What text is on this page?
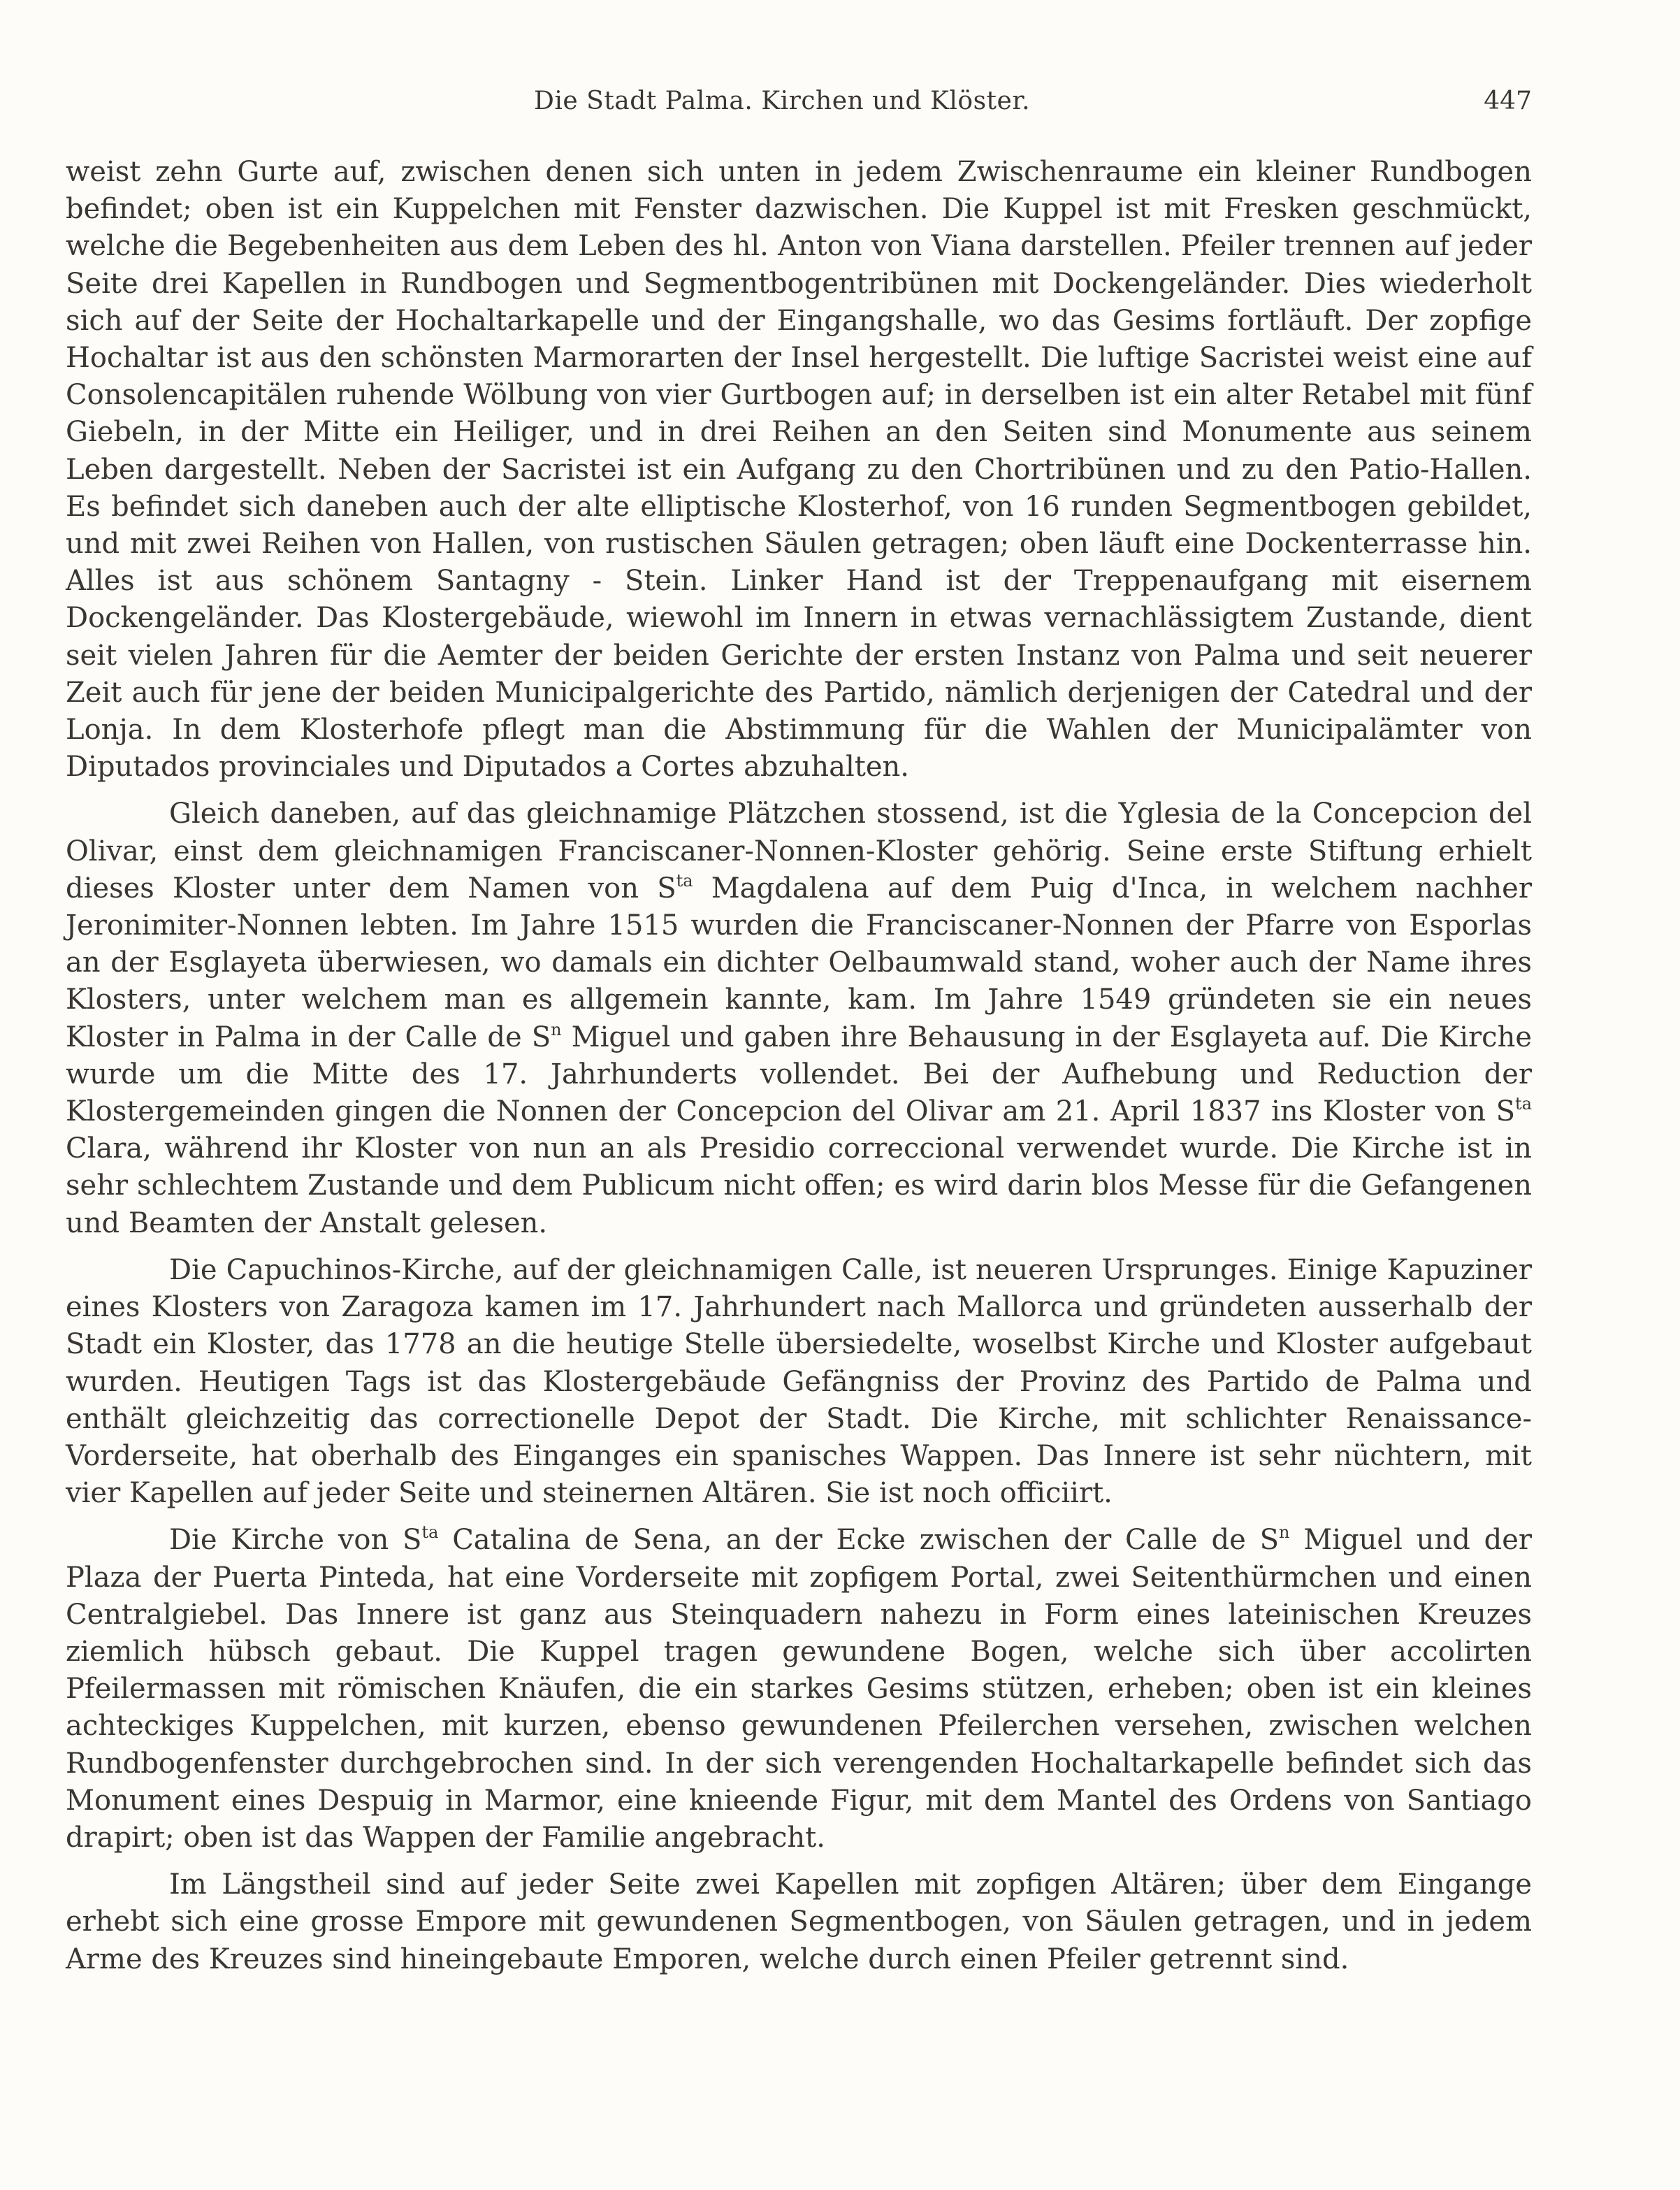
Die Stadt Palma. Kirchen und Klöster.	447

weist zehn Gurte auf, zwischen denen sich unten in jedem Zwischenraume ein kleiner Rundbogen befindet; oben ist ein Kuppelchen mit Fenster dazwischen. Die Kuppel ist mit Fresken geschmückt, welche die Begebenheiten aus dem Leben des hl. Anton von Viana darstellen. Pfeiler trennen auf jeder Seite drei Kapellen in Rundbogen und Segmentbogentribünen mit Dockengeländer. Dies wiederholt sich auf der Seite der Hochaltarkapelle und der Eingangshalle, wo das Gesims fortläuft. Der zopfige Hochaltar ist aus den schönsten Marmorarten der Insel hergestellt. Die luftige Sacristei weist eine auf Consolencapitälen ruhende Wölbung von vier Gurtbogen auf; in derselben ist ein alter Retabel mit fünf Giebeln, in der Mitte ein Heiliger, und in drei Reihen an den Seiten sind Monumente aus seinem Leben dargestellt. Neben der Sacristei ist ein Aufgang zu den Chortribünen und zu den Patio-Hallen. Es befindet sich daneben auch der alte elliptische Klosterhof, von 16 runden Segmentbogen gebildet, und mit zwei Reihen von Hallen, von rustischen Säulen getragen; oben läuft eine Dockenterrasse hin. Alles ist aus schönem Santagny - Stein. Linker Hand ist der Treppenaufgang mit eisernem Dockengeländer. Das Klostergebäude, wiewohl im Innern in etwas vernachlässigtem Zustande, dient seit vielen Jahren für die Aemter der beiden Gerichte der ersten Instanz von Palma und seit neuerer Zeit auch für jene der beiden Municipalgerichte des Partido, nämlich derjenigen der Catedral und der Lonja. In dem Klosterhofe pflegt man die Abstimmung für die Wahlen der Municipalämter von Diputados provinciales und Diputados a Cortes abzuhalten.

Gleich daneben, auf das gleichnamige Plätzchen stossend, ist die Yglesia de la Concepcion del Olivar, einst dem gleichnamigen Franciscaner-Nonnen-Kloster gehörig. Seine erste Stiftung erhielt dieses Kloster unter dem Namen von $S^{ta}$ Magdalena auf dem Puig d'Inca, in welchem nachher Jeronimiter-Nonnen lebten. Im Jahre 1515 wurden die Franciscaner-Nonnen der Pfarre von Esporlas an der Esglayeta überwiesen, wo damals ein dichter Oelbaumwald stand, woher auch der Name ihres Klosters, unter welchem man es allgemein kannte, kam. Im Jahre 1549 gründeten sie ein neues Kloster in Palma in der Calle de $S^n$ Miguel und gaben ihre Behausung in der Esglayeta auf. Die Kirche wurde um die Mitte des 17. Jahrhunderts vollendet. Bei der Aufhebung und Reduction der Klostergemeinden gingen die Nonnen der Concepcion del Olivar am 21. April 1837 ins Kloster von $S^{ta}$ Clara, während ihr Kloster von nun an als Presidio correccional verwendet wurde. Die Kirche ist in sehr schlechtem Zustande und dem Publicum nicht offen; es wird darin blos Messe für die Gefangenen und Beamten der Anstalt gelesen.

Die Capuchinos-Kirche, auf der gleichnamigen Calle, ist neueren Ursprunges. Einige Kapuziner eines Klosters von Zaragoza kamen im 17. Jahrhundert nach Mallorca und gründeten ausserhalb der Stadt ein Kloster, das 1778 an die heutige Stelle übersiedelte, woselbst Kirche und Kloster aufgebaut wurden. Heutigen Tags ist das Klostergebäude Gefängniss der Provinz des Partido de Palma und enthält gleichzeitig das correctionelle Depot der Stadt. Die Kirche, mit schlichter Renaissance-Vorderseite, hat oberhalb des Einganges ein spanisches Wappen. Das Innere ist sehr nüchtern, mit vier Kapellen auf jeder Seite und steinernen Altären. Sie ist noch officiirt.

Die Kirche von $S^{ta}$ Catalina de Sena, an der Ecke zwischen der Calle de $S^n$ Miguel und der Plaza der Puerta Pinteda, hat eine Vorderseite mit zopfigem Portal, zwei Seitenthürmchen und einen Centralgiebel. Das Innere ist ganz aus Steinquadern nahezu in Form eines lateinischen Kreuzes ziemlich hübsch gebaut. Die Kuppel tragen gewundene Bogen, welche sich über accolirten Pfeilermassen mit römischen Knäufen, die ein starkes Gesims stützen, erheben; oben ist ein kleines achteckiges Kuppelchen, mit kurzen, ebenso gewundenen Pfeilerchen versehen, zwischen welchen Rundbogenfenster durchgebrochen sind. In der sich verengenden Hochaltarkapelle befindet sich das Monument eines Despuig in Marmor, eine knieende Figur, mit dem Mantel des Ordens von Santiago drapirt; oben ist das Wappen der Familie angebracht.

Im Längstheil sind auf jeder Seite zwei Kapellen mit zopfigen Altären; über dem Eingange erhebt sich eine grosse Empore mit gewundenen Segmentbogen, von Säulen getragen, und in jedem Arme des Kreuzes sind hineingebaute Emporen, welche durch einen Pfeiler getrennt sind.
